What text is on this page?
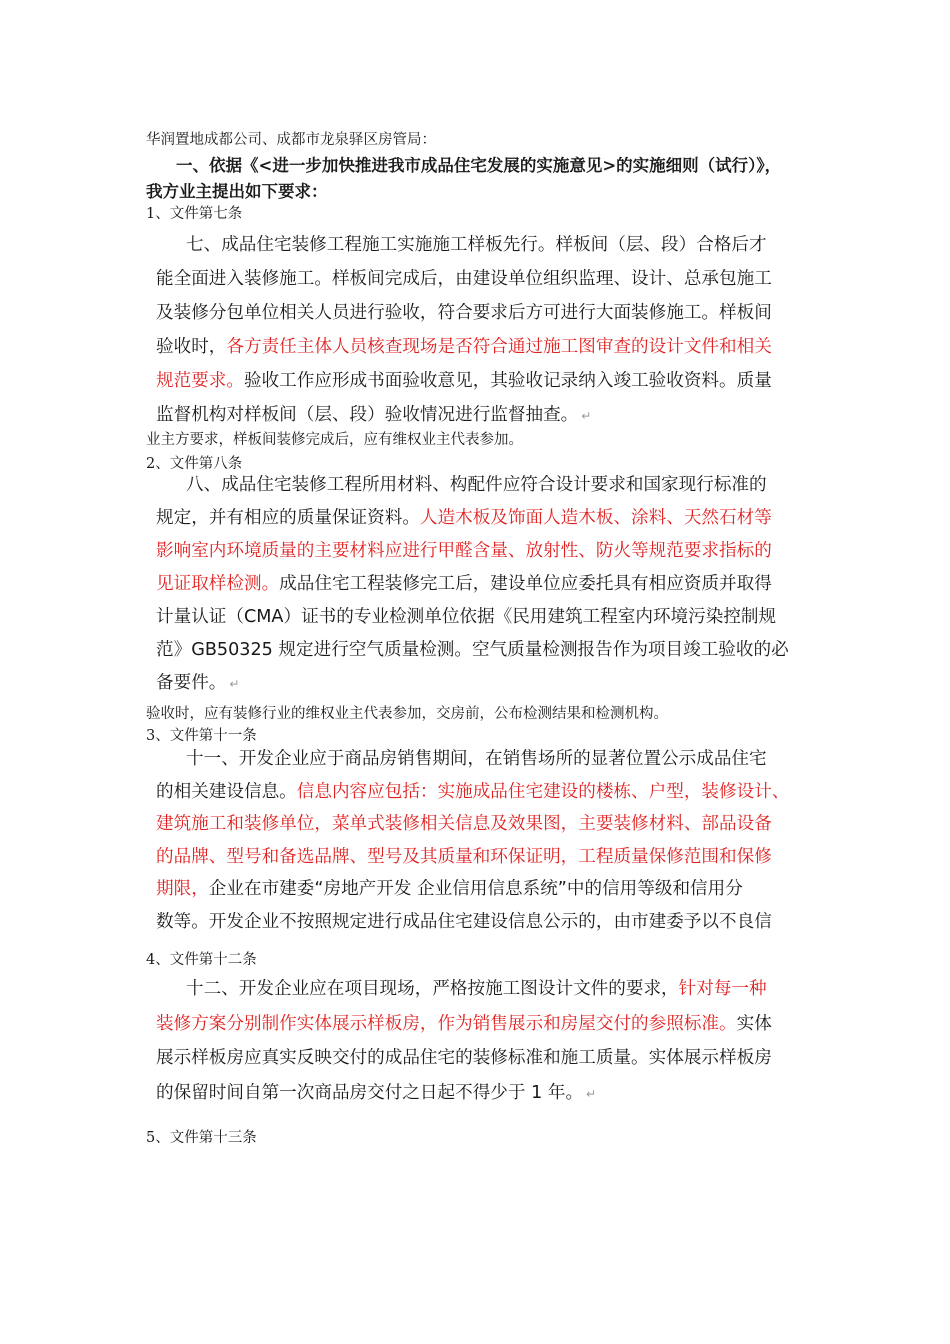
华润置地成都公司、成都市龙泉驿区房管局：
一、依据《<进一步加快推进我市成品住宅发展的实施意见>的实施细则（试行）》，
我方业主提出如下要求：
1、文件第七条
七、成品住宅装修工程施工实施施工样板先行。样板间（层、段）合格后才
能全面进入装修施工。样板间完成后，由建设单位组织监理、设计、总承包施工
及装修分包单位相关人员进行验收，符合要求后方可进行大面装修施工。样板间
验收时，各方责任主体人员核查现场是否符合通过施工图审查的设计文件和相关
规范要求。验收工作应形成书面验收意见，其验收记录纳入竣工验收资料。质量
监督机构对样板间（层、段）验收情况进行监督抽查。 ↵
业主方要求，样板间装修完成后，应有维权业主代表参加。
2、文件第八条
八、成品住宅装修工程所用材料、构配件应符合设计要求和国家现行标准的
规定，并有相应的质量保证资料。人造木板及饰面人造木板、涂料、天然石材等
影响室内环境质量的主要材料应进行甲醛含量、放射性、防火等规范要求指标的
见证取样检测。成品住宅工程装修完工后，建设单位应委托具有相应资质并取得
计量认证（CMA）证书的专业检测单位依据《民用建筑工程室内环境污染控制规
范》GB50325 规定进行空气质量检测。空气质量检测报告作为项目竣工验收的必
备要件。 ↵
验收时，应有装修行业的维权业主代表参加，交房前，公布检测结果和检测机构。
3、文件第十一条
十一、开发企业应于商品房销售期间，在销售场所的显著位置公示成品住宅
的相关建设信息。信息内容应包括：实施成品住宅建设的楼栋、户型，装修设计、
建筑施工和装修单位，菜单式装修相关信息及效果图，主要装修材料、部品设备
的品牌、型号和备选品牌、型号及其质量和环保证明，工程质量保修范围和保修
期限，企业在市建委“房地产开发 企业信用信息系统”中的信用等级和信用分
数等。开发企业不按照规定进行成品住宅建设信息公示的，由市建委予以不良信
4、文件第十二条
十二、开发企业应在项目现场，严格按施工图设计文件的要求，针对每一种
装修方案分别制作实体展示样板房，作为销售展示和房屋交付的参照标准。实体
展示样板房应真实反映交付的成品住宅的装修标准和施工质量。实体展示样板房
的保留时间自第一次商品房交付之日起不得少于 1 年。 ↵
5、文件第十三条
